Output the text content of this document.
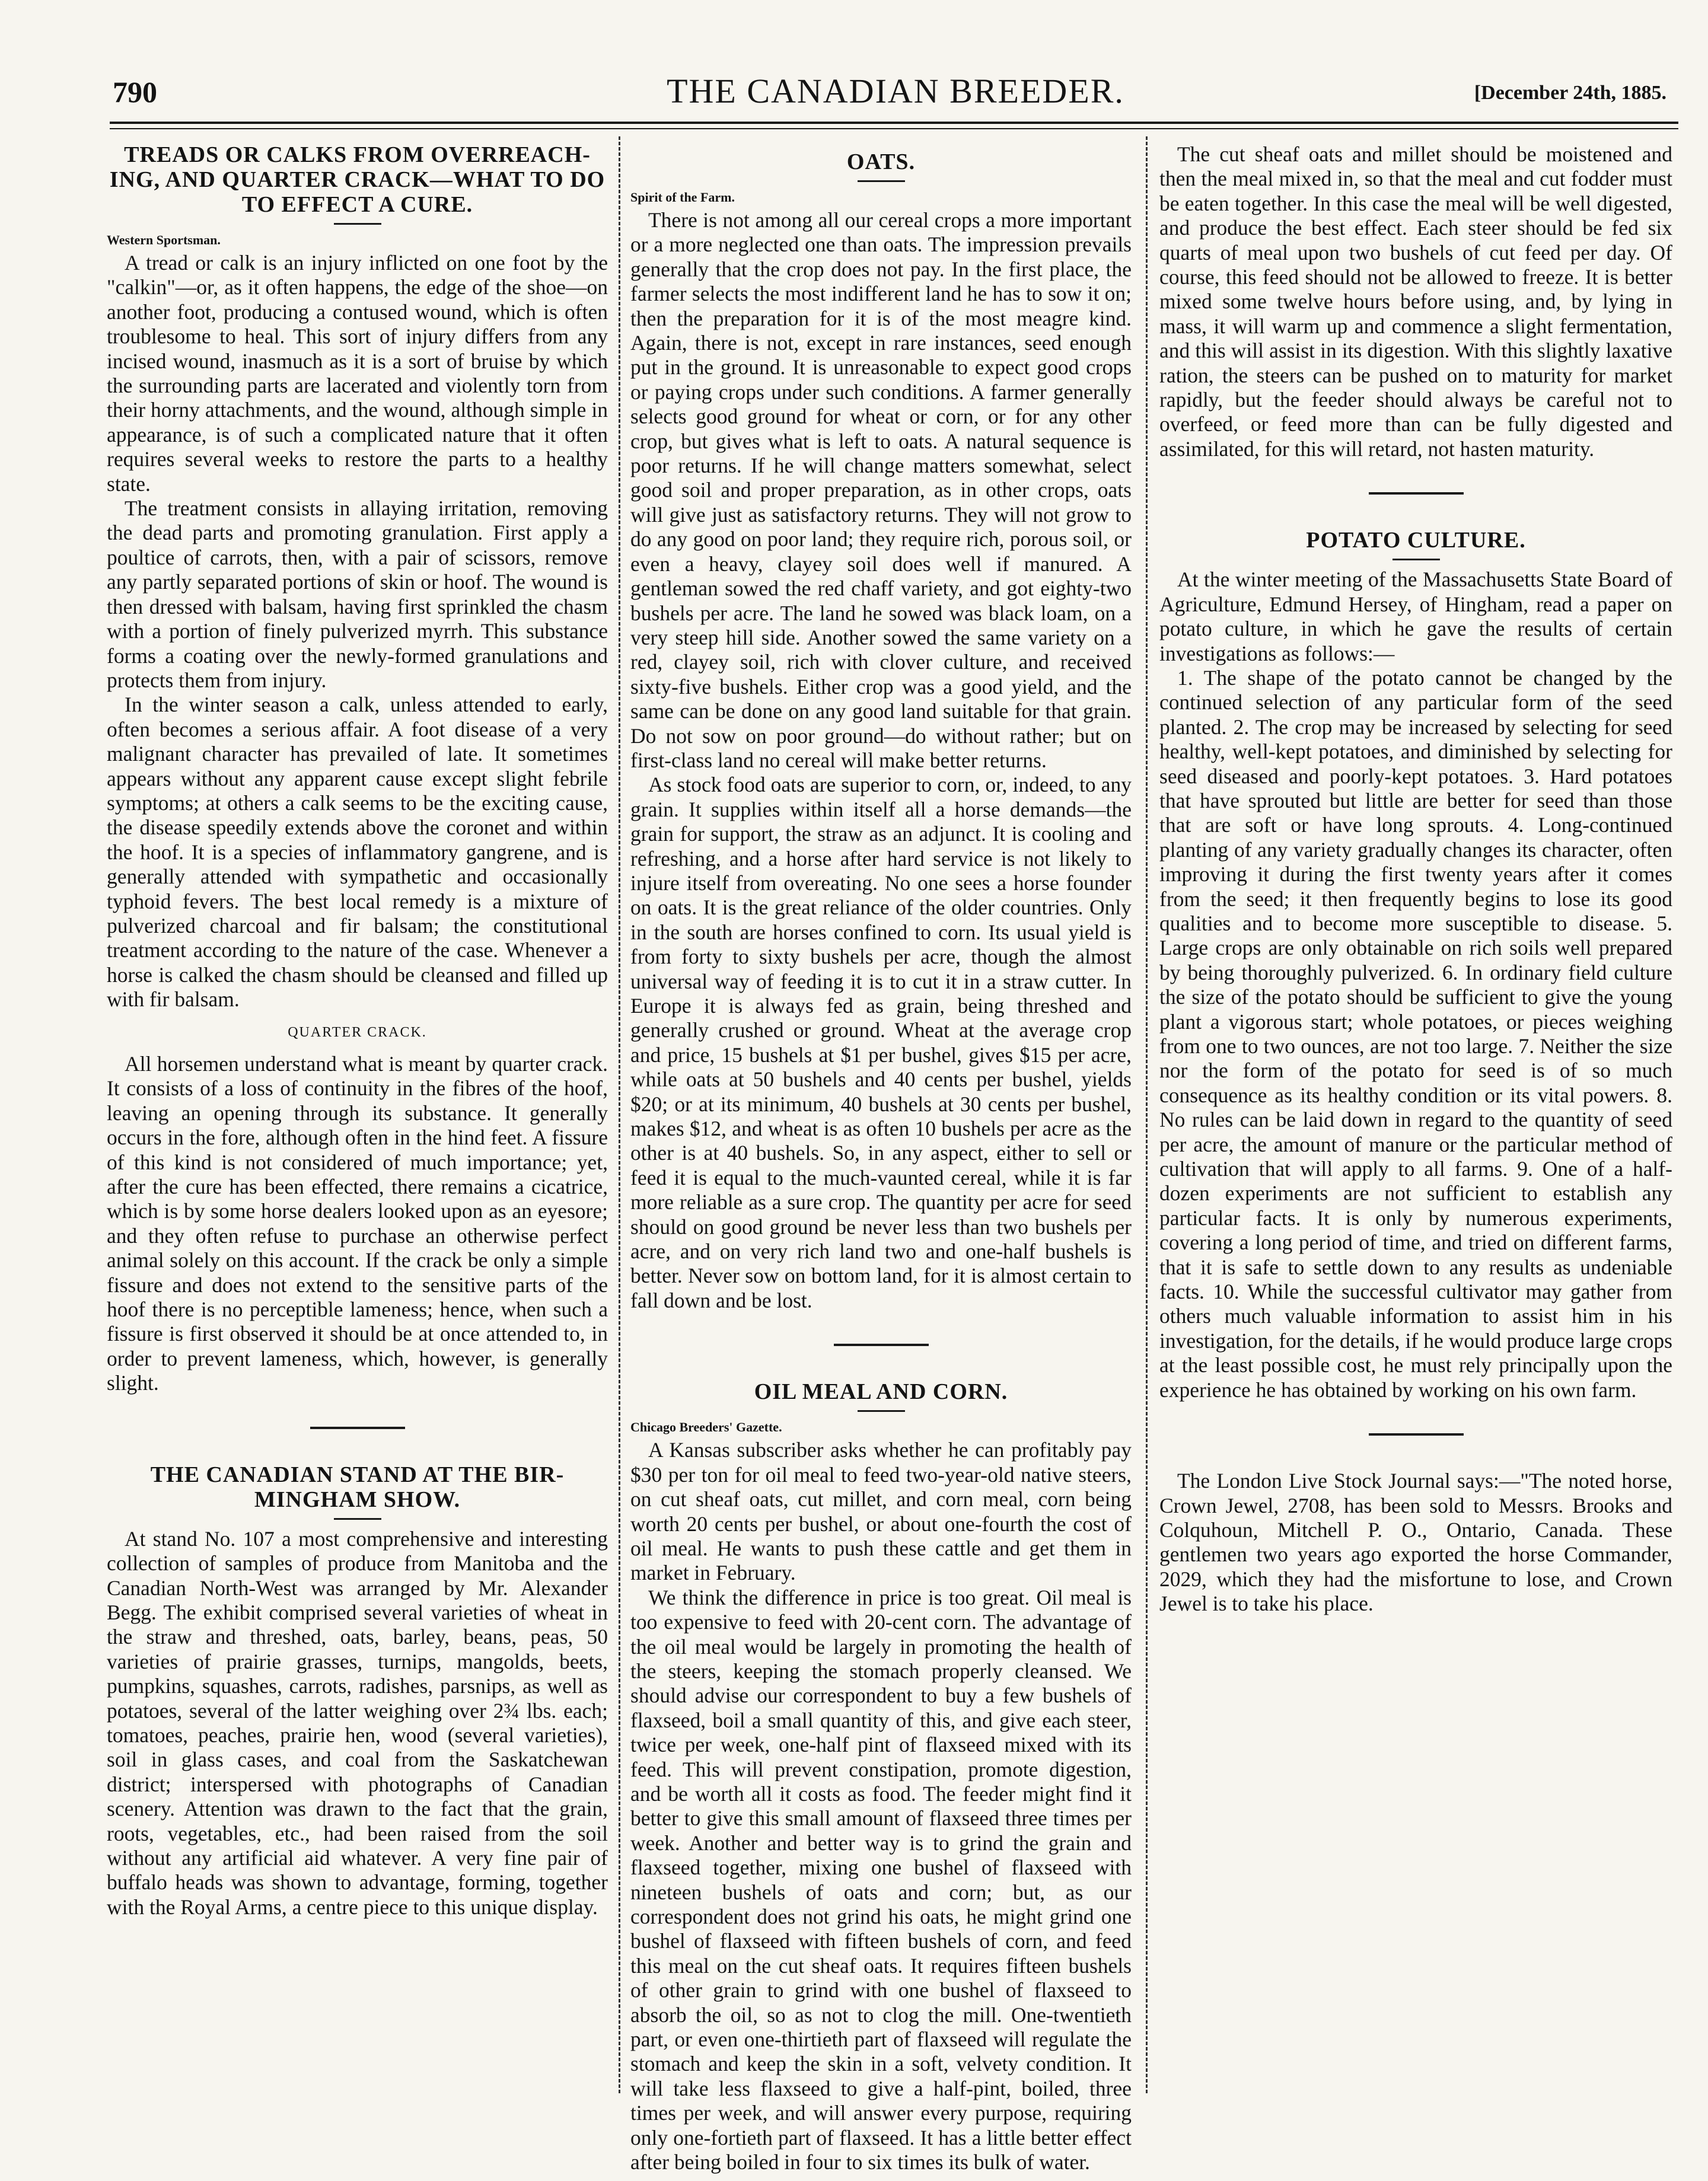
790	THE CANADIAN BREEDER.	[December 24th, 1885.
TREADS OR CALKS FROM OVERREACH- ING, AND QUARTER CRACK—WHAT TO DO TO EFFECT A CURE.
Western Sportsman.

A tread or calk is an injury inflicted on one foot by the "calkin"—or, as it often happens, the edge of the shoe—on another foot, producing a contused wound, which is often troublesome to heal. This sort of injury differs from any incised wound, inasmuch as it is a sort of bruise by which the surrounding parts are lacerated and violently torn from their horny attachments, and the wound, although simple in appearance, is of such a complicated nature that it often requires several weeks to restore the parts to a healthy state.

The treatment consists in allaying irritation, removing the dead parts and promoting granulation. First apply a poultice of carrots, then, with a pair of scissors, remove any partly separated portions of skin or hoof. The wound is then dressed with balsam, having first sprinkled the chasm with a portion of finely pulverized myrrh. This substance forms a coating over the newly-formed granulations and protects them from injury.

In the winter season a calk, unless attended to early, often becomes a serious affair. A foot disease of a very malignant character has prevailed of late. It sometimes appears without any apparent cause except slight febrile symptoms; at others a calk seems to be the exciting cause, the disease speedily extends above the coronet and within the hoof. It is a species of inflammatory gangrene, and is generally attended with sympathetic and occasionally typhoid fevers. The best local remedy is a mixture of pulverized charcoal and fir balsam; the constitutional treatment according to the nature of the case. Whenever a horse is calked the chasm should be cleansed and filled up with fir balsam.

QUARTER CRACK.

All horsemen understand what is meant by quarter crack. It consists of a loss of continuity in the fibres of the hoof, leaving an opening through its substance. It generally occurs in the fore, although often in the hind feet. A fissure of this kind is not considered of much importance; yet, after the cure has been effected, there remains a cicatrice, which is by some horse dealers looked upon as an eyesore; and they often refuse to purchase an otherwise perfect animal solely on this account. If the crack be only a simple fissure and does not extend to the sensitive parts of the hoof there is no perceptible lameness; hence, when such a fissure is first observed it should be at once attended to, in order to prevent lameness, which, however, is generally slight.

THE CANADIAN STAND AT THE BIR- MINGHAM SHOW.

At stand No. 107 a most comprehensive and interesting collection of samples of produce from Manitoba and the Canadian North-West was arranged by Mr. Alexander Begg. The exhibit comprised several varieties of wheat in the straw and threshed, oats, barley, beans, peas, 50 varieties of prairie grasses, turnips, mangolds, beets, pumpkins, squashes, carrots, radishes, parsnips, as well as potatoes, several of the latter weighing over 2¾ lbs. each; tomatoes, peaches, prairie hen, wood (several varieties), soil in glass cases, and coal from the Saskatchewan district; interspersed with photographs of Canadian scenery. Attention was drawn to the fact that the grain, roots, vegetables, etc., had been raised from the soil without any artificial aid whatever. A very fine pair of buffalo heads was shown to advantage, forming, together with the Royal Arms, a centre piece to this unique display.

OATS.
Spirit of the Farm.

There is not among all our cereal crops a more important or a more neglected one than oats. The impression prevails generally that the crop does not pay. In the first place, the farmer selects the most indifferent land he has to sow it on; then the preparation for it is of the most meagre kind. Again, there is not, except in rare instances, seed enough put in the ground. It is unreasonable to expect good crops or paying crops under such conditions. A farmer generally selects good ground for wheat or corn, or for any other crop, but gives what is left to oats. A natural sequence is poor returns. If he will change matters somewhat, select good soil and proper preparation, as in other crops, oats will give just as satisfactory returns. They will not grow to do any good on poor land; they require rich, porous soil, or even a heavy, clayey soil does well if manured. A gentleman sowed the red chaff variety, and got eighty-two bushels per acre. The land he sowed was black loam, on a very steep hill side. Another sowed the same variety on a red, clayey soil, rich with clover culture, and received sixty-five bushels. Either crop was a good yield, and the same can be done on any good land suitable for that grain. Do not sow on poor ground—do without rather; but on first-class land no cereal will make better returns.

As stock food oats are superior to corn, or, indeed, to any grain. It supplies within itself all a horse demands—the grain for support, the straw as an adjunct. It is cooling and refreshing, and a horse after hard service is not likely to injure itself from overeating. No one sees a horse founder on oats. It is the great reliance of the older countries. Only in the south are horses confined to corn. Its usual yield is from forty to sixty bushels per acre, though the almost universal way of feeding it is to cut it in a straw cutter. In Europe it is always fed as grain, being threshed and generally crushed or ground. Wheat at the average crop and price, 15 bushels at $1 per bushel, gives $15 per acre, while oats at 50 bushels and 40 cents per bushel, yields $20; or at its minimum, 40 bushels at 30 cents per bushel, makes $12, and wheat is as often 10 bushels per acre as the other is at 40 bushels. So, in any aspect, either to sell or feed it is equal to the much-vaunted cereal, while it is far more reliable as a sure crop. The quantity per acre for seed should on good ground be never less than two bushels per acre, and on very rich land two and one-half bushels is better. Never sow on bottom land, for it is almost certain to fall down and be lost.

OIL MEAL AND CORN.
Chicago Breeders' Gazette.

A Kansas subscriber asks whether he can profitably pay $30 per ton for oil meal to feed two-year-old native steers, on cut sheaf oats, cut millet, and corn meal, corn being worth 20 cents per bushel, or about one-fourth the cost of oil meal. He wants to push these cattle and get them in market in February.

We think the difference in price is too great. Oil meal is too expensive to feed with 20-cent corn. The advantage of the oil meal would be largely in promoting the health of the steers, keeping the stomach properly cleansed. We should advise our correspondent to buy a few bushels of flaxseed, boil a small quantity of this, and give each steer, twice per week, one-half pint of flaxseed mixed with its feed. This will prevent constipation, promote digestion, and be worth all it costs as food. The feeder might find it better to give this small amount of flaxseed three times per week. Another and better way is to grind the grain and flaxseed together, mixing one bushel of flaxseed with nineteen bushels of oats and corn; but, as our correspondent does not grind his oats, he might grind one bushel of flaxseed with fifteen bushels of corn, and feed this meal on the cut sheaf oats. It requires fifteen bushels of other grain to grind with one bushel of flaxseed to absorb the oil, so as not to clog the mill. One-twentieth part, or even one-thirtieth part of flaxseed will regulate the stomach and keep the skin in a soft, velvety condition. It will take less flaxseed to give a half-pint, boiled, three times per week, and will answer every purpose, requiring only one-fortieth part of flaxseed. It has a little better effect after being boiled in four to six times its bulk of water.

The cut sheaf oats and millet should be moistened and then the meal mixed in, so that the meal and cut fodder must be eaten together. In this case the meal will be well digested, and produce the best effect. Each steer should be fed six quarts of meal upon two bushels of cut feed per day. Of course, this feed should not be allowed to freeze. It is better mixed some twelve hours before using, and, by lying in mass, it will warm up and commence a slight fermentation, and this will assist in its digestion. With this slightly laxative ration, the steers can be pushed on to maturity for market rapidly, but the feeder should always be careful not to overfeed, or feed more than can be fully digested and assimilated, for this will retard, not hasten maturity.

POTATO CULTURE.

At the winter meeting of the Massachusetts State Board of Agriculture, Edmund Hersey, of Hingham, read a paper on potato culture, in which he gave the results of certain investigations as follows:—

1. The shape of the potato cannot be changed by the continued selection of any particular form of the seed planted. 2. The crop may be increased by selecting for seed healthy, well-kept potatoes, and diminished by selecting for seed diseased and poorly-kept potatoes. 3. Hard potatoes that have sprouted but little are better for seed than those that are soft or have long sprouts. 4. Long-continued planting of any variety gradually changes its character, often improving it during the first twenty years after it comes from the seed; it then frequently begins to lose its good qualities and to become more susceptible to disease. 5. Large crops are only obtainable on rich soils well prepared by being thoroughly pulverized. 6. In ordinary field culture the size of the potato should be sufficient to give the young plant a vigorous start; whole potatoes, or pieces weighing from one to two ounces, are not too large. 7. Neither the size nor the form of the potato for seed is of so much consequence as its healthy condition or its vital powers. 8. No rules can be laid down in regard to the quantity of seed per acre, the amount of manure or the particular method of cultivation that will apply to all farms. 9. One of a half-dozen experiments are not sufficient to establish any particular facts. It is only by numerous experiments, covering a long period of time, and tried on different farms, that it is safe to settle down to any results as undeniable facts. 10. While the successful cultivator may gather from others much valuable information to assist him in his investigation, for the details, if he would produce large crops at the least possible cost, he must rely principally upon the experience he has obtained by working on his own farm.

The London Live Stock Journal says:—"The noted horse, Crown Jewel, 2708, has been sold to Messrs. Brooks and Colquhoun, Mitchell P. O., Ontario, Canada. These gentlemen two years ago exported the horse Commander, 2029, which they had the misfortune to lose, and Crown Jewel is to take his place.
